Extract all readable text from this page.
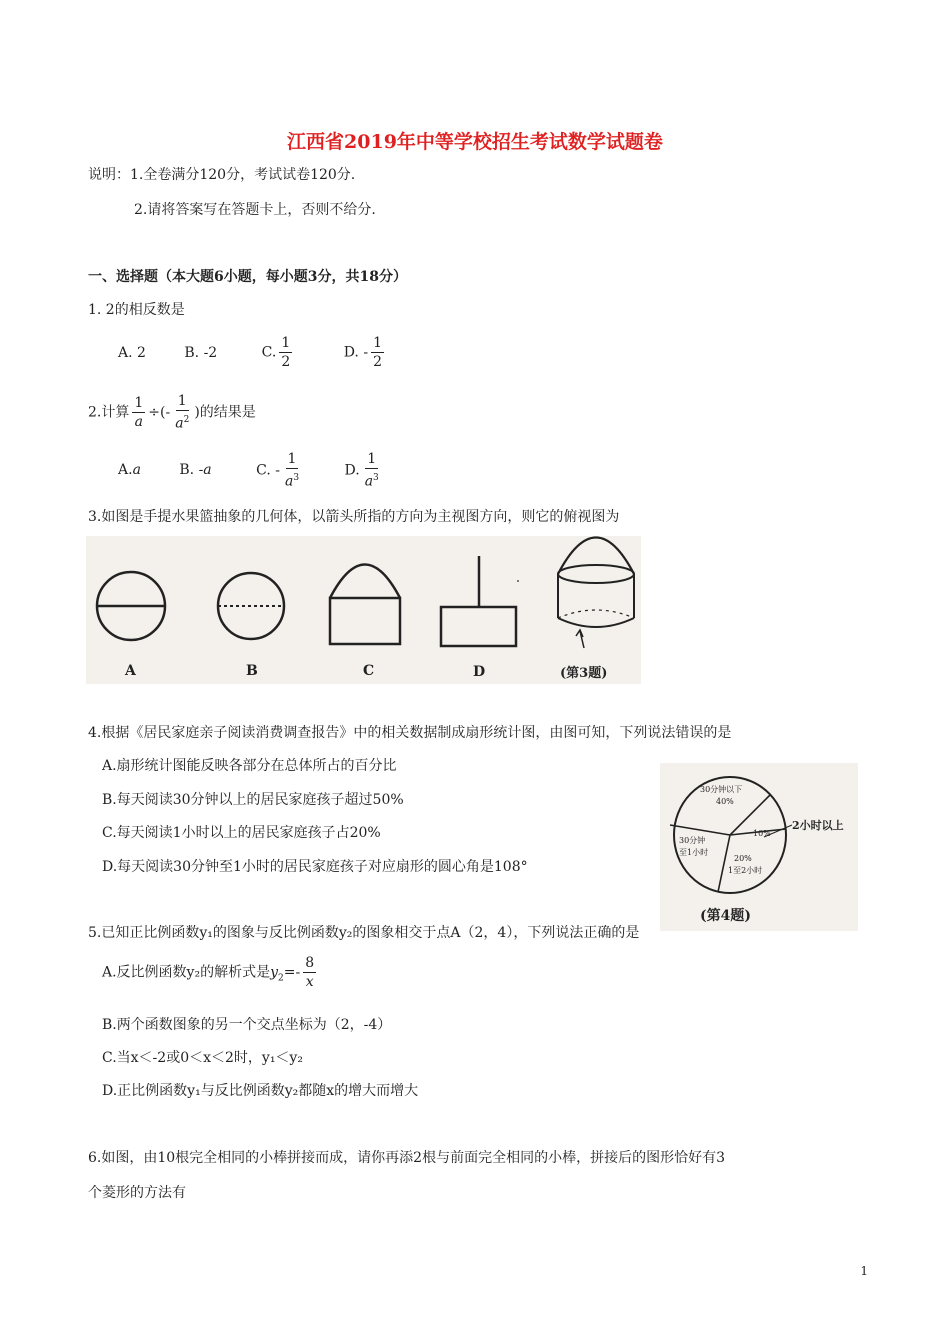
江西省2019年中等学校招生考试数学试题卷
说明：1.全卷满分120分，考试试卷120分.
2.请将答案写在答题卡上，否则不给分.
一、选择题（本大题6小题，每小题3分，共18分）
1. 2的相反数是
A. 2	B. -2	C. $\frac{1}{2}$	D. - $\frac{1}{2}$
2.计算 $\frac{1}{a}$ ÷(- $\frac{1}{a^2}$ )的结果是
A.a	B. -a	C. - $\frac{1}{a^3}$	D. $\frac{1}{a^3}$
3.如图是手提水果篮抽象的几何体，以箭头所指的方向为主视图方向，则它的俯视图为
A	B	C	D	(第3题)
4.根据《居民家庭亲子阅读消费调查报告》中的相关数据制成扇形统计图，由图可知，下列说法错误的是
A.扇形统计图能反映各部分在总体所占的百分比
B.每天阅读30分钟以上的居民家庭孩子超过50%
C.每天阅读1小时以上的居民家庭孩子占20%
D.每天阅读30分钟至1小时的居民家庭孩子对应扇形的圆心角是108°
30分钟以下
40%
30分钟
至1小时
20%
1至2小时
10%
2小时以上
(第4题)
5.已知正比例函数y₁的图象与反比例函数y₂的图象相交于点A（2，4），下列说法正确的是
A.反比例函数y₂的解析式是$y_2=- \frac{8}{x}$
B.两个函数图象的另一个交点坐标为（2，-4）
C.当x＜-2或0＜x＜2时，y₁＜y₂
D.正比例函数y₁与反比例函数y₂都随x的增大而增大
6.如图，由10根完全相同的小棒拼接而成，请你再添2根与前面完全相同的小棒，拼接后的图形恰好有3
个菱形的方法有
1
